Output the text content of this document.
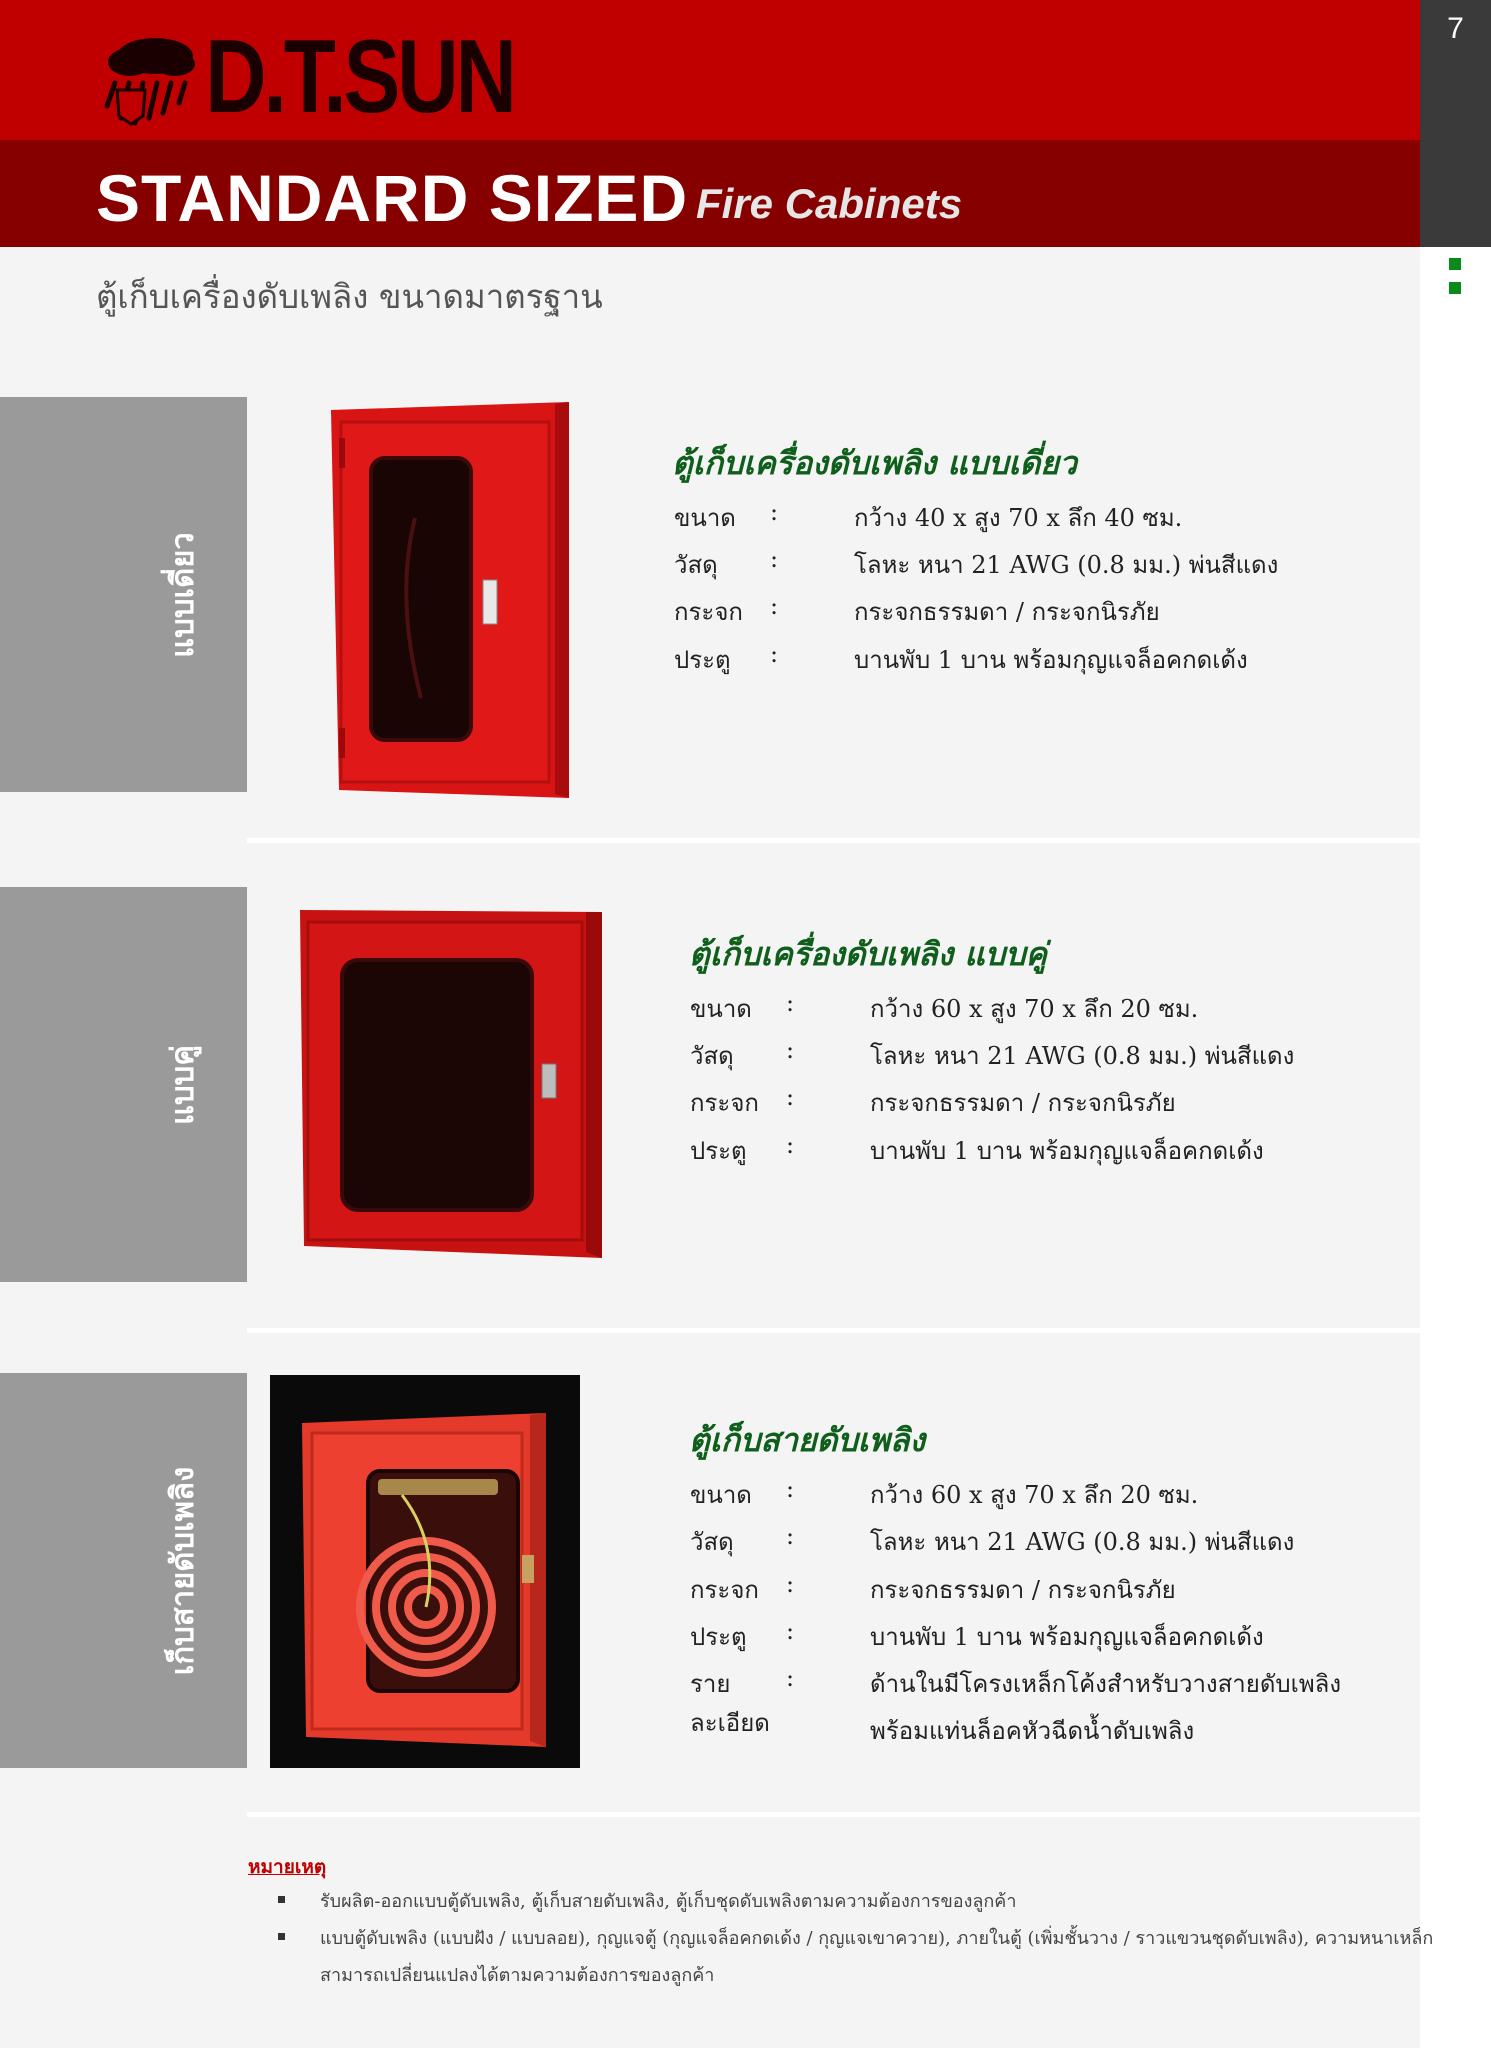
7
D.T.SUN
STANDARD SIZED Fire Cabinets
ตู้เก็บเครื่องดับเพลิง ขนาดมาตรฐาน
แบบเดี่ยว
แบบคู่
เก็บสายดับเพลิง
ตู้เก็บเครื่องดับเพลิง แบบเดี่ยว
ขนาด :	กว้าง 40 x สูง 70 x ลึก 40 ซม.
วัสดุ :	โลหะ หนา 21 AWG (0.8 มม.) พ่นสีแดง
กระจก :	กระจกธรรมดา / กระจกนิรภัย
ประตู :	บานพับ 1 บาน พร้อมกุญแจล็อคกดเด้ง
ตู้เก็บเครื่องดับเพลิง แบบคู่
ขนาด :	กว้าง 60 x สูง 70 x ลึก 20 ซม.
วัสดุ :	โลหะ หนา 21 AWG (0.8 มม.) พ่นสีแดง
กระจก :	กระจกธรรมดา / กระจกนิรภัย
ประตู :	บานพับ 1 บาน พร้อมกุญแจล็อคกดเด้ง
ตู้เก็บสายดับเพลิง
ขนาด :	กว้าง 60 x สูง 70 x ลึก 20 ซม.
วัสดุ :	โลหะ หนา 21 AWG (0.8 มม.) พ่นสีแดง
กระจก :	กระจกธรรมดา / กระจกนิรภัย
ประตู :	บานพับ 1 บาน พร้อมกุญแจล็อคกดเด้ง
รายละเอียด
:	ด้านในมีโครงเหล็กโค้งสำหรับวางสายดับเพลิง
พร้อมแท่นล็อคหัวฉีดน้ำดับเพลิง
หมายเหตุ
รับผลิต-ออกแบบตู้ดับเพลิง, ตู้เก็บสายดับเพลิง, ตู้เก็บชุดดับเพลิงตามความต้องการของลูกค้า
แบบตู้ดับเพลิง (แบบฝัง / แบบลอย), กุญแจตู้ (กุญแจล็อคกดเด้ง / กุญแจเขาควาย), ภายในตู้ (เพิ่มชั้นวาง / ราวแขวนชุดดับเพลิง), ความหนาเหล็ก
สามารถเปลี่ยนแปลงได้ตามความต้องการของลูกค้า
